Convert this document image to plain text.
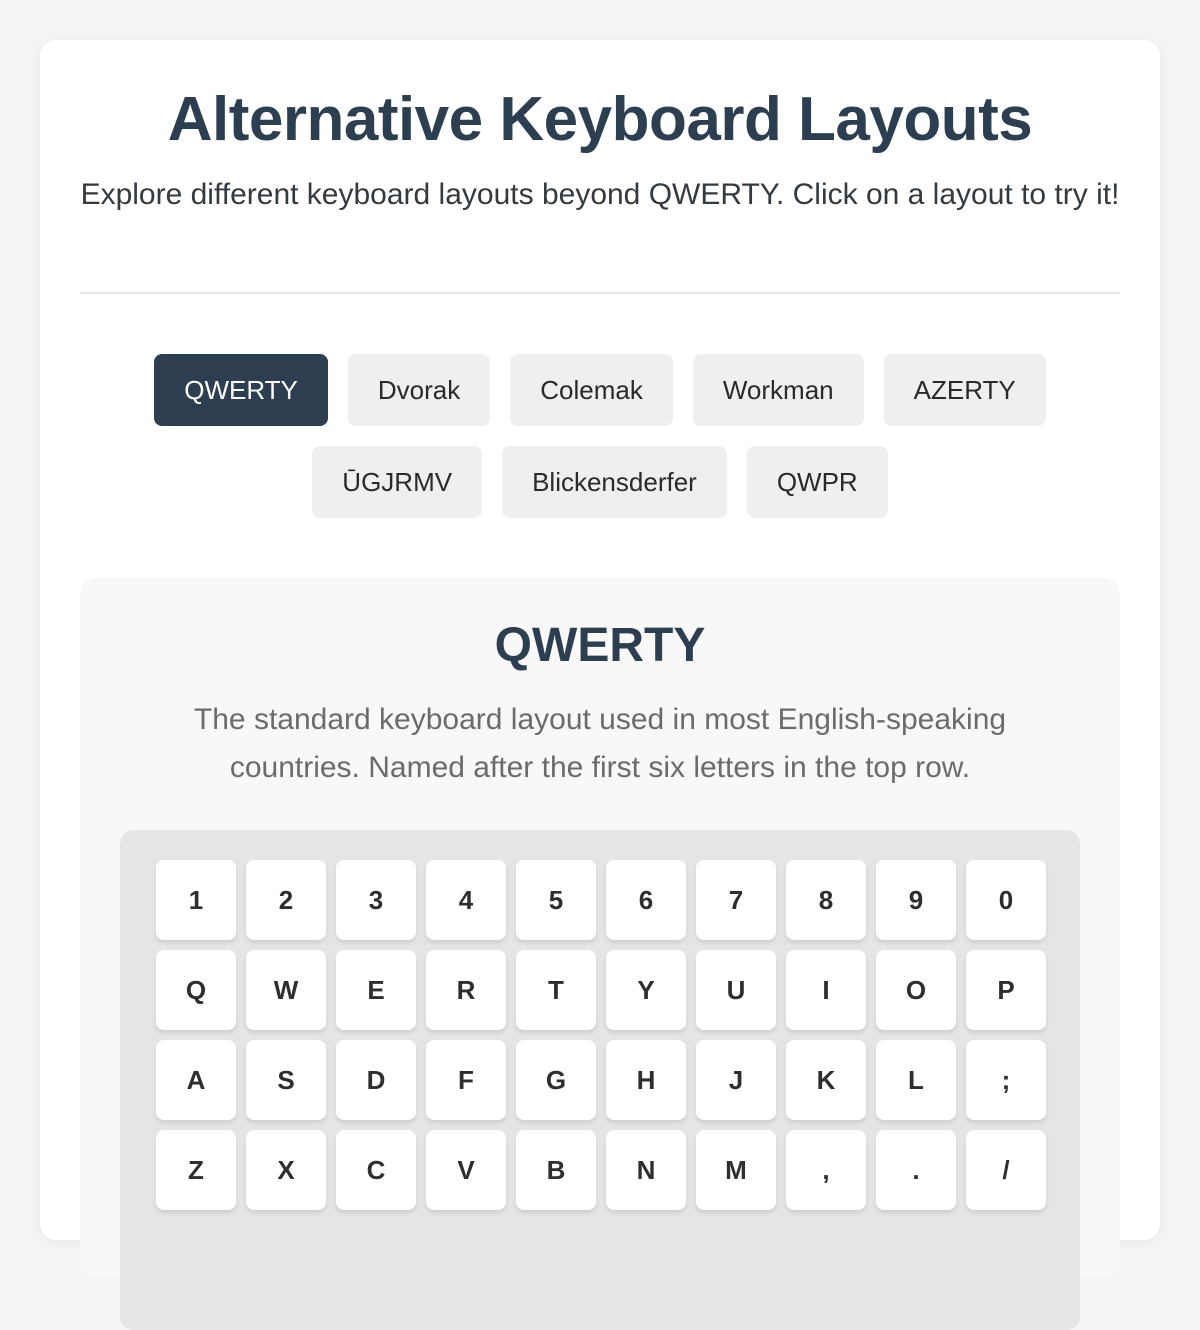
Alternative Keyboard Layouts

Explore different keyboard layouts beyond QWERTY. Click on a layout to try it!

QWERTY	Dvorak	Colemak	Workman	AZERTY
ŪGJRMV	Blickensderfer	QWPR
QWERTY

The standard keyboard layout used in most English-speaking countries. Named after the first six letters in the top row.

1	2	3	4	5	6	7	8	9	0
Q	W	E	R	T	Y	U	I	O	P
A	S	D	F	G	H	J	K	L	;
Z	X	C	V	B	N	M	,	.	/
